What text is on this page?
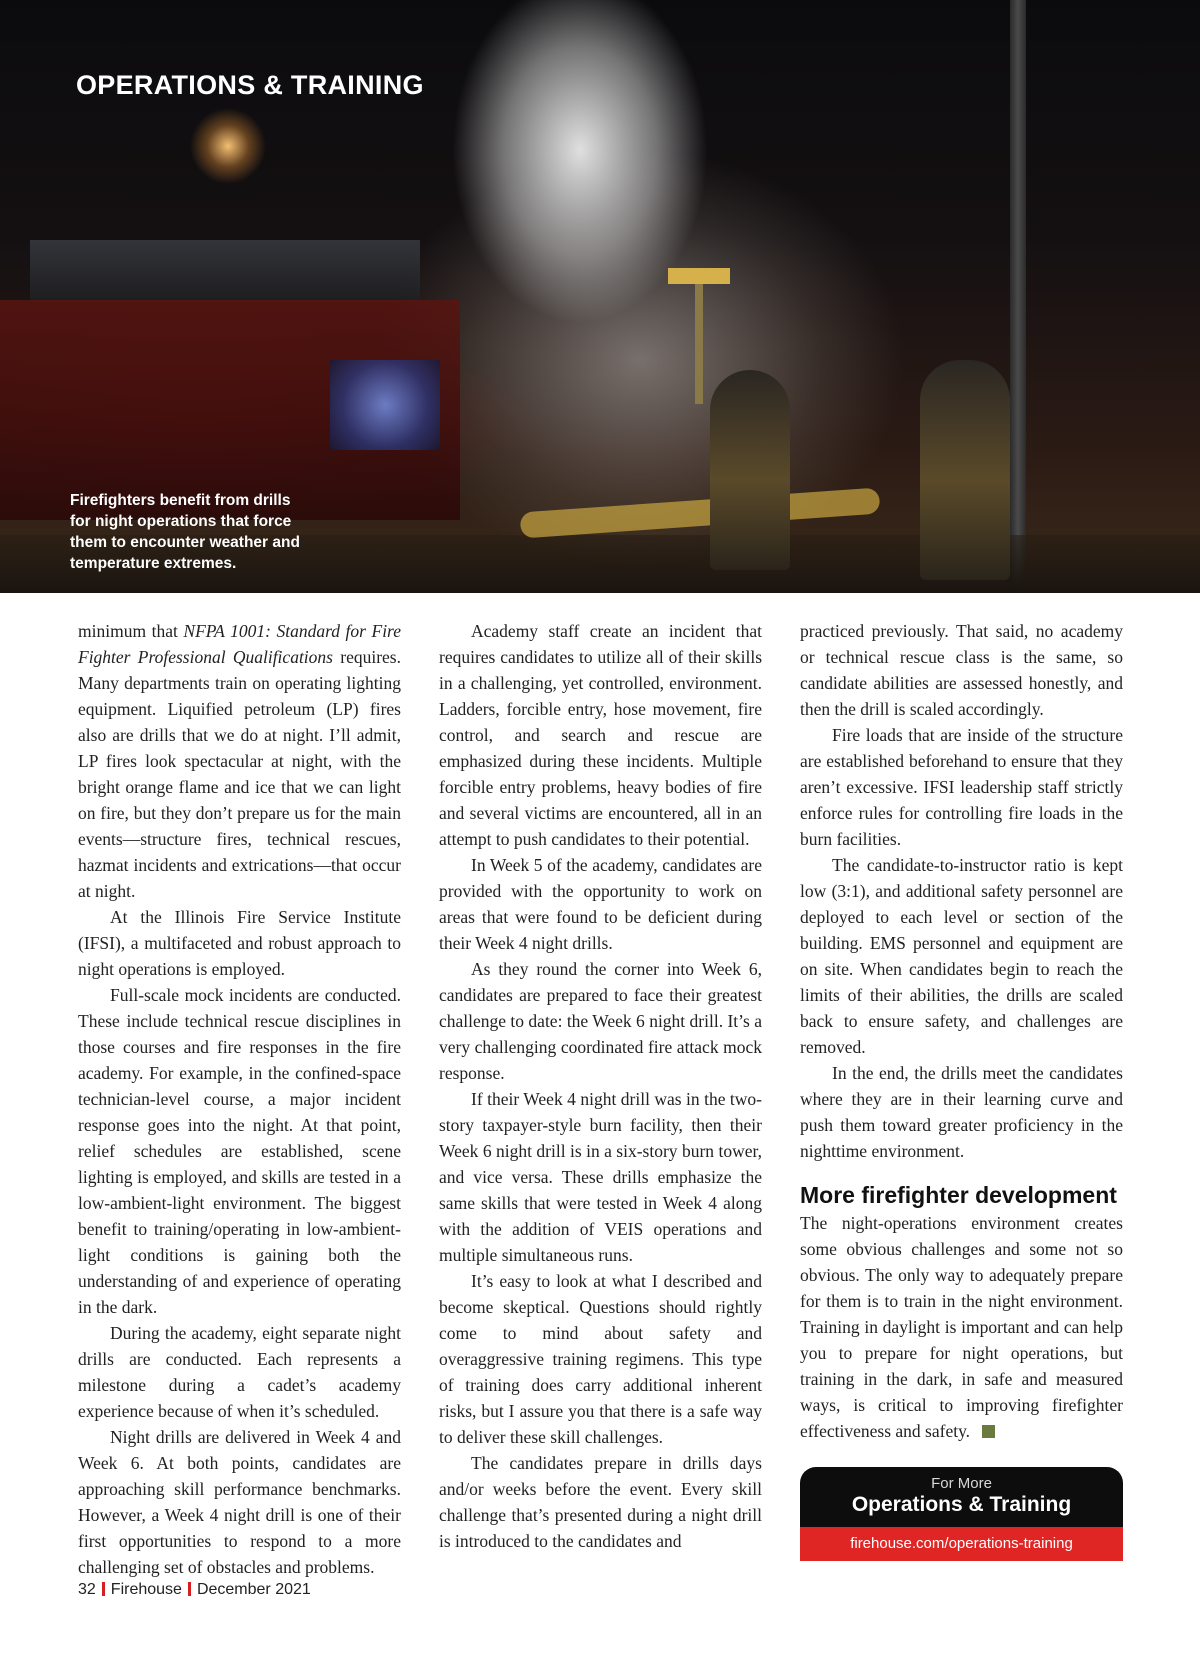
OPERATIONS & TRAINING

Firefighters benefit from drills for night operations that force them to encounter weather and temperature extremes.

minimum that NFPA 1001: Standard for Fire Fighter Professional Qualifications requires. Many departments train on operating lighting equipment. Liquified petroleum (LP) fires also are drills that we do at night. I’ll admit, LP fires look spectacular at night, with the bright orange flame and ice that we can light on fire, but they don’t prepare us for the main events—structure fires, technical rescues, hazmat incidents and extrications—that occur at night.

At the Illinois Fire Service Institute (IFSI), a multifaceted and robust approach to night operations is employed.

Full-scale mock incidents are conducted. These include technical rescue disciplines in those courses and fire responses in the fire academy. For example, in the confined-space technician-level course, a major incident response goes into the night. At that point, relief schedules are established, scene lighting is employed, and skills are tested in a low-ambient-light environment. The biggest benefit to training/operating in low-ambient-light conditions is gaining both the understanding of and experience of operating in the dark.

During the academy, eight separate night drills are conducted. Each represents a milestone during a cadet’s academy experience because of when it’s scheduled.

Night drills are delivered in Week 4 and Week 6. At both points, candidates are approaching skill performance benchmarks. However, a Week 4 night drill is one of their first opportunities to respond to a more challenging set of obstacles and problems.

Academy staff create an incident that requires candidates to utilize all of their skills in a challenging, yet controlled, environment. Ladders, forcible entry, hose movement, fire control, and search and rescue are emphasized during these incidents. Multiple forcible entry problems, heavy bodies of fire and several victims are encountered, all in an attempt to push candidates to their potential.

In Week 5 of the academy, candidates are provided with the opportunity to work on areas that were found to be deficient during their Week 4 night drills.

As they round the corner into Week 6, candidates are prepared to face their greatest challenge to date: the Week 6 night drill. It’s a very challenging coordinated fire attack mock response.

If their Week 4 night drill was in the two-story taxpayer-style burn facility, then their Week 6 night drill is in a six-story burn tower, and vice versa. These drills emphasize the same skills that were tested in Week 4 along with the addition of VEIS operations and multiple simultaneous runs.

It’s easy to look at what I described and become skeptical. Questions should rightly come to mind about safety and overaggressive training regimens. This type of training does carry additional inherent risks, but I assure you that there is a safe way to deliver these skill challenges.

The candidates prepare in drills days and/or weeks before the event. Every skill challenge that’s presented during a night drill is introduced to the candidates and

practiced previously. That said, no academy or technical rescue class is the same, so candidate abilities are assessed honestly, and then the drill is scaled accordingly.

Fire loads that are inside of the structure are established beforehand to ensure that they aren’t excessive. IFSI leadership staff strictly enforce rules for controlling fire loads in the burn facilities.

The candidate-to-instructor ratio is kept low (3:1), and additional safety personnel are deployed to each level or section of the building. EMS personnel and equipment are on site. When candidates begin to reach the limits of their abilities, the drills are scaled back to ensure safety, and challenges are removed.

In the end, the drills meet the candidates where they are in their learning curve and push them toward greater proficiency in the nighttime environment.

More firefighter development

The night-operations environment creates some obvious challenges and some not so obvious. The only way to adequately prepare for them is to train in the night environment. Training in daylight is important and can help you to prepare for night operations, but training in the dark, in safe and measured ways, is critical to improving firefighter effectiveness and safety.

For More
Operations & Training
firehouse.com/operations-training
32 Firehouse December 2021
